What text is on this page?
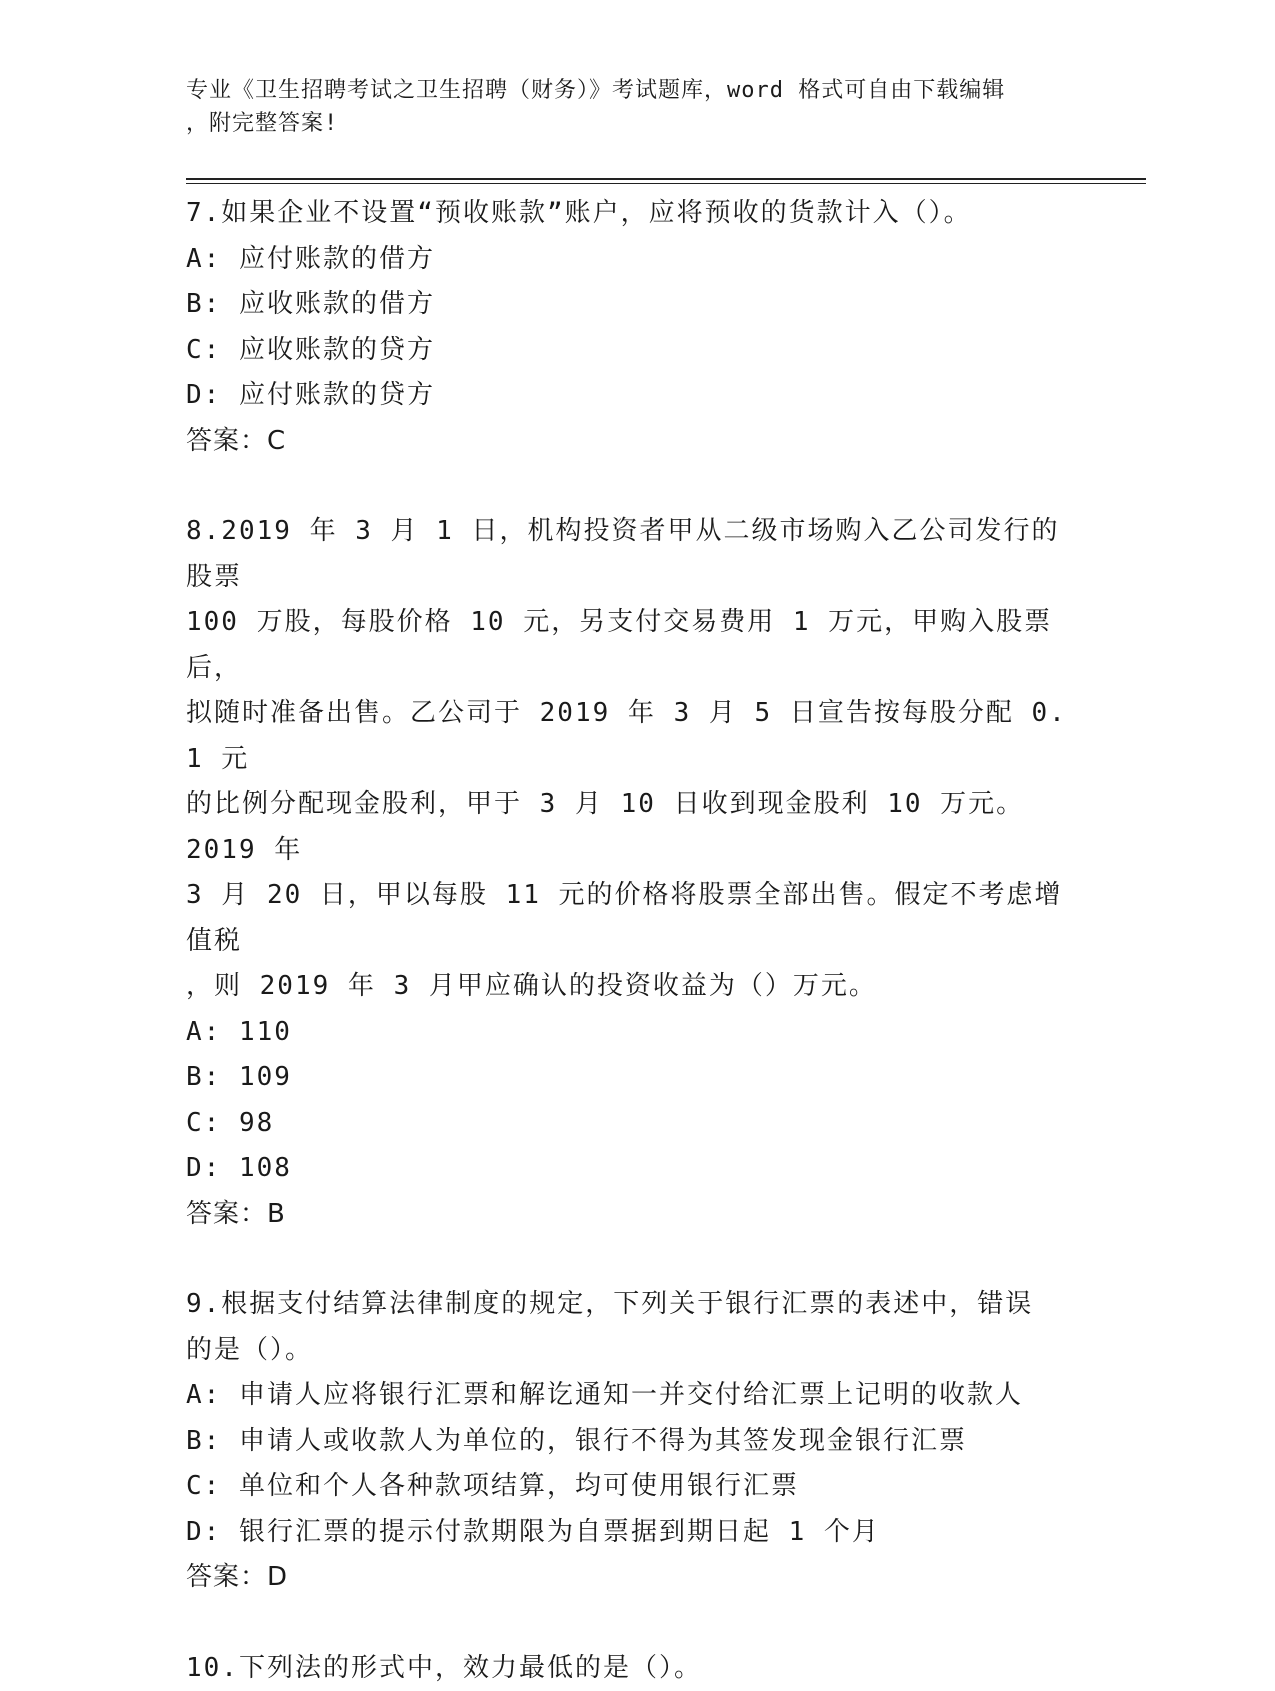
专业《卫生招聘考试之卫生招聘（财务）》考试题库，word 格式可自由下载编辑
，附完整答案!
7.如果企业不设置“预收账款”账户，应将预收的货款计入（）。
A: 应付账款的借方
B: 应收账款的借方
C: 应收账款的贷方
D: 应付账款的贷方
答案：C
8.2019 年 3 月 1 日，机构投资者甲从二级市场购入乙公司发行的股票
100 万股，每股价格 10 元，另支付交易费用 1 万元，甲购入股票后，
拟随时准备出售。乙公司于 2019 年 3 月 5 日宣告按每股分配 0. 1 元
的比例分配现金股利，甲于 3 月 10 日收到现金股利 10 万元。2019 年
3 月 20 日，甲以每股 11 元的价格将股票全部出售。假定不考虑增值税
，则 2019 年 3 月甲应确认的投资收益为（）万元。
A: 110
B: 109
C: 98
D: 108
答案：B
9.根据支付结算法律制度的规定，下列关于银行汇票的表述中，错误
的是（）。
A: 申请人应将银行汇票和解讫通知一并交付给汇票上记明的收款人
B: 申请人或收款人为单位的，银行不得为其签发现金银行汇票
C: 单位和个人各种款项结算，均可使用银行汇票
D: 银行汇票的提示付款期限为自票据到期日起 1 个月
答案：D
10.下列法的形式中，效力最低的是（）。
